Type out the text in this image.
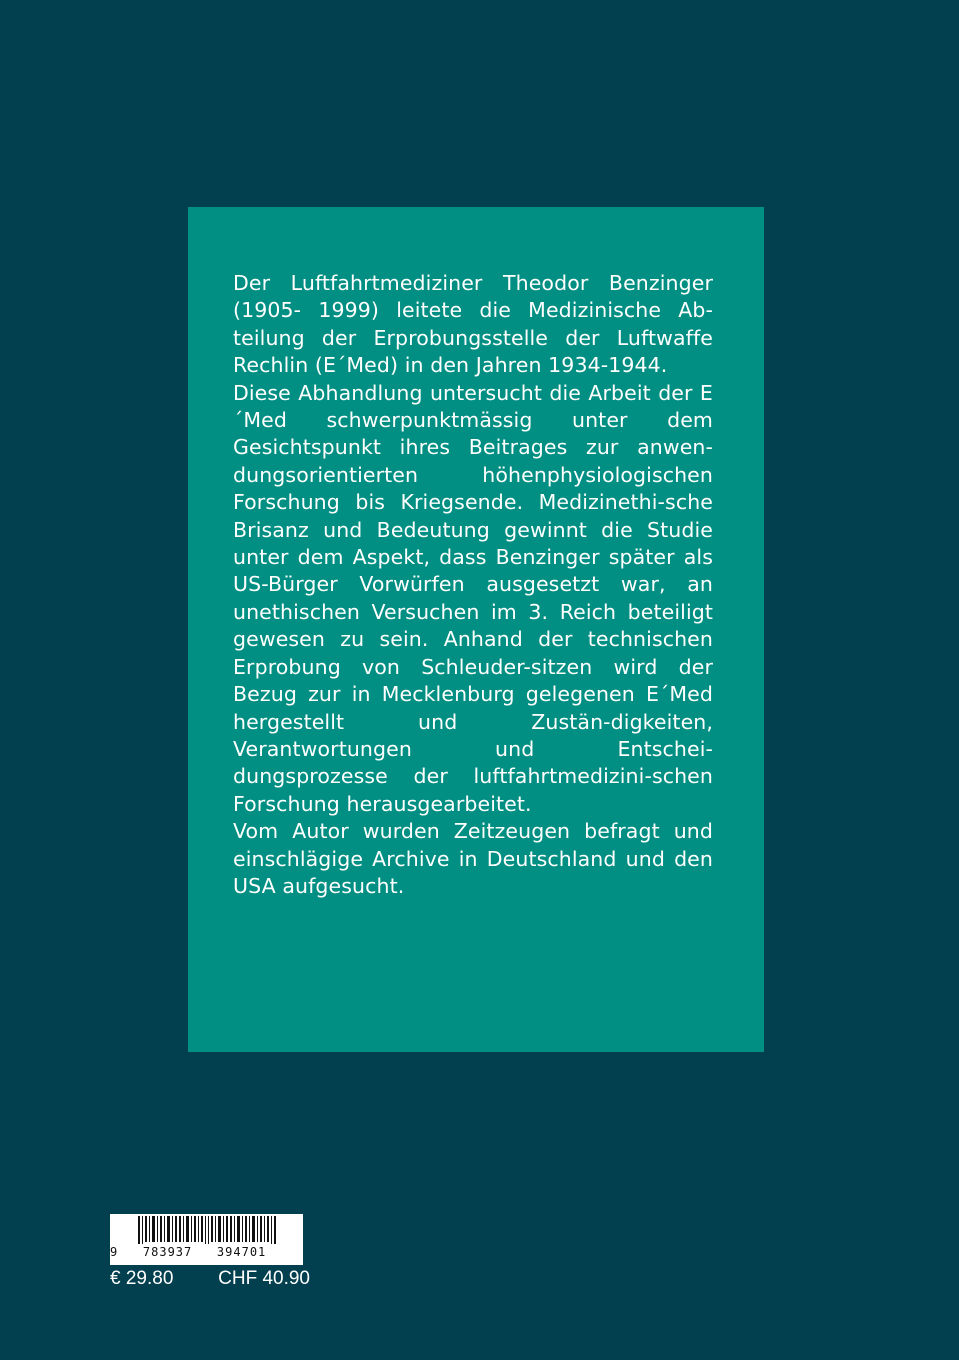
Der Luftfahrtmediziner Theodor Benzinger (1905- 1999) leitete die Medizinische Ab-teilung der Erprobungsstelle der Luftwaffe Rechlin (E´Med) in den Jahren 1934-1944.

Diese Abhandlung untersucht die Arbeit der E´Med schwerpunktmässig unter dem Gesichtspunkt ihres Beitrages zur anwen-dungsorientierten höhenphysiologischen Forschung bis Kriegsende. Medizinethi-sche Brisanz und Bedeutung gewinnt die Studie unter dem Aspekt, dass Benzinger später als US-Bürger Vorwürfen ausgesetzt war, an unethischen Versuchen im 3. Reich beteiligt gewesen zu sein. Anhand der technischen Erprobung von Schleuder-sitzen wird der Bezug zur in Mecklenburg gelegenen E´Med hergestellt und Zustän-digkeiten, Verantwortungen und Entschei-dungsprozesse der luftfahrtmedizini-schen Forschung herausgearbeitet.

Vom Autor wurden Zeitzeugen befragt und einschlägige Archive in Deutschland und den USA aufgesucht.

9   783937   394701
€ 29.80 CHF 40.90
